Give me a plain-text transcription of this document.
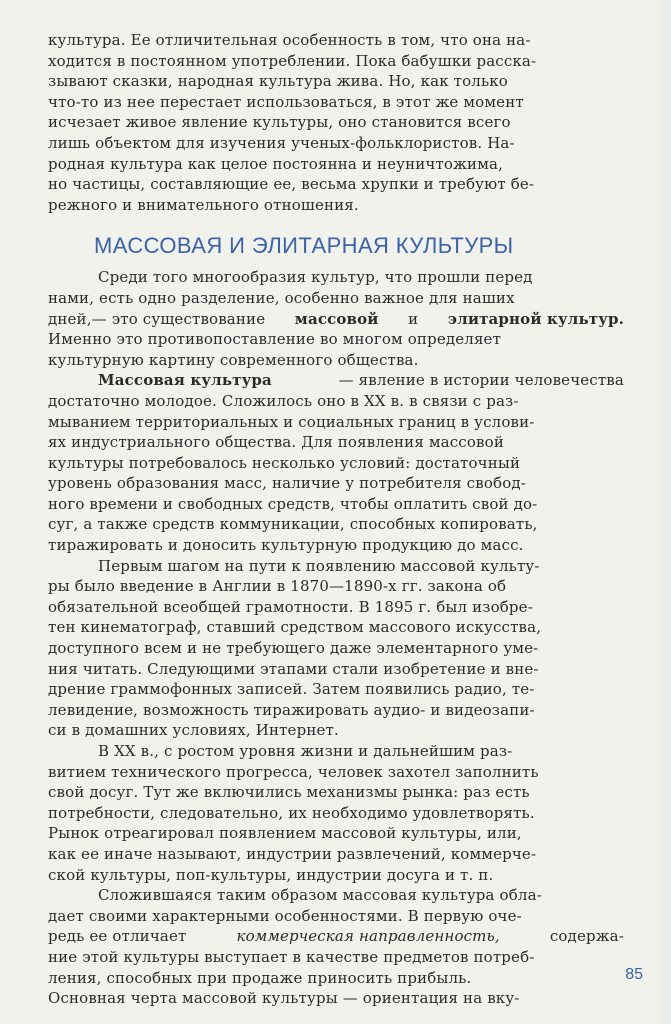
культура. Ее отличительная особенность в том, что она на-
ходится в постоянном употреблении. Пока бабушки расска-
зывают сказки, народная культура жива. Но, как только
что-то из нее перестает использоваться, в этот же момент
исчезает живое явление культуры, оно становится всего
лишь объектом для изучения ученых-фольклористов. На-
родная культура как целое постоянна и неуничтожима,
но частицы, составляющие ее, весьма хрупки и требуют бе-
режного и внимательного отношения.
МАССОВАЯ И ЭЛИТАРНАЯ КУЛЬТУРЫ
Среди того многообразия культур, что прошли перед
нами, есть одно разделение, особенно важное для наших
дней,— это существование массовой и элитарной культур.
Именно это противопоставление во многом определяет
культурную картину современного общества.
Массовая культура	— явление в истории человечества
достаточно молодое. Сложилось оно в XX в. в связи с раз-
мыванием территориальных и социальных границ в услови-
ях индустриального общества. Для появления массовой
культуры потребовалось несколько условий: достаточный
уровень образования масс, наличие у потребителя свобод-
ного времени и свободных средств, чтобы оплатить свой до-
суг, а также средств коммуникации, способных копировать,
тиражировать и доносить культурную продукцию до масс.
Первым шагом на пути к появлению массовой культу-
ры было введение в Англии в 1870—1890-х гг. закона об
обязательной всеобщей грамотности. В 1895 г. был изобре-
тен кинематограф, ставший средством массового искусства,
доступного всем и не требующего даже элементарного уме-
ния читать. Следующими этапами стали изобретение и вне-
дрение граммофонных записей. Затем появились радио, те-
левидение, возможность тиражировать аудио- и видеозапи-
си в домашних условиях, Интернет.
В XX в., с ростом уровня жизни и дальнейшим раз-
витием технического прогресса, человек захотел заполнить
свой досуг. Тут же включились механизмы рынка: раз есть
потребности, следовательно, их необходимо удовлетворять.
Рынок отреагировал появлением массовой культуры, или,
как ее иначе называют, индустрии развлечений, коммерче-
ской культуры, поп-культуры, индустрии досуга и т. п.
Сложившаяся таким образом массовая культура обла-
дает своими характерными особенностями. В первую оче-
редь ее отличает	коммерческая направленность,	содержа-
ние этой культуры выступает в качестве предметов потреб-
ления, способных при продаже приносить прибыль.
Основная черта массовой культуры — ориентация на вку-
85
